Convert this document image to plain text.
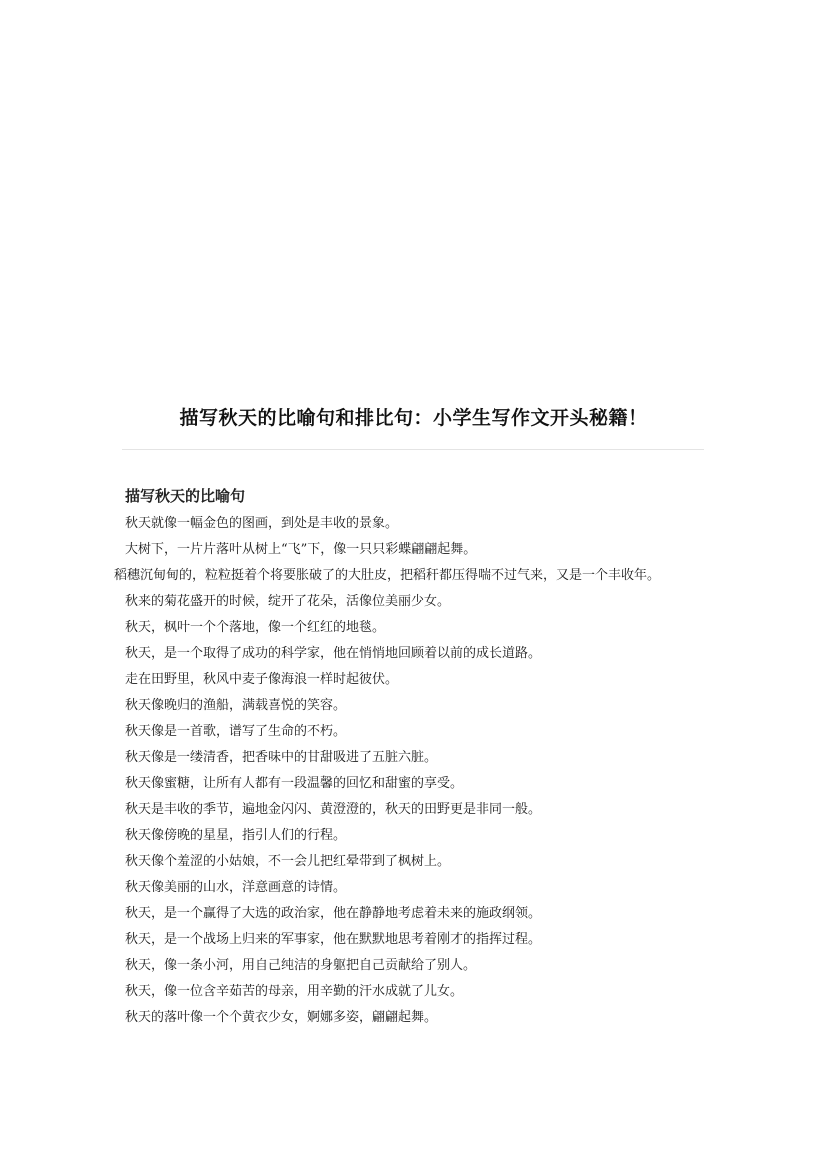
描写秋天的比喻句和排比句：小学生写作文开头秘籍！
描写秋天的比喻句
秋天就像一幅金色的图画，到处是丰收的景象。
大树下，一片片落叶从树上“飞”下，像一只只彩蝶翩翩起舞。
稻穗沉甸甸的，粒粒挺着个将要胀破了的大肚皮，把稻秆都压得喘不过气来，又是一个丰收年。
秋来的菊花盛开的时候，绽开了花朵，活像位美丽少女。
秋天，枫叶一个个落地，像一个红红的地毯。
秋天，是一个取得了成功的科学家，他在悄悄地回顾着以前的成长道路。
走在田野里，秋风中麦子像海浪一样时起彼伏。
秋天像晚归的渔船，满载喜悦的笑容。
秋天像是一首歌，谱写了生命的不朽。
秋天像是一缕清香，把香味中的甘甜吸进了五脏六脏。
秋天像蜜糖，让所有人都有一段温馨的回忆和甜蜜的享受。
秋天是丰收的季节，遍地金闪闪、黄澄澄的，秋天的田野更是非同一般。
秋天像傍晚的星星，指引人们的行程。
秋天像个羞涩的小姑娘，不一会儿把红晕带到了枫树上。
秋天像美丽的山水，洋意画意的诗情。
秋天，是一个赢得了大选的政治家，他在静静地考虑着未来的施政纲领。
秋天，是一个战场上归来的军事家，他在默默地思考着刚才的指挥过程。
秋天，像一条小河，用自己纯洁的身躯把自己贡献给了别人。
秋天，像一位含辛茹苦的母亲，用辛勤的汗水成就了儿女。
秋天的落叶像一个个黄衣少女，婀娜多姿，翩翩起舞。
